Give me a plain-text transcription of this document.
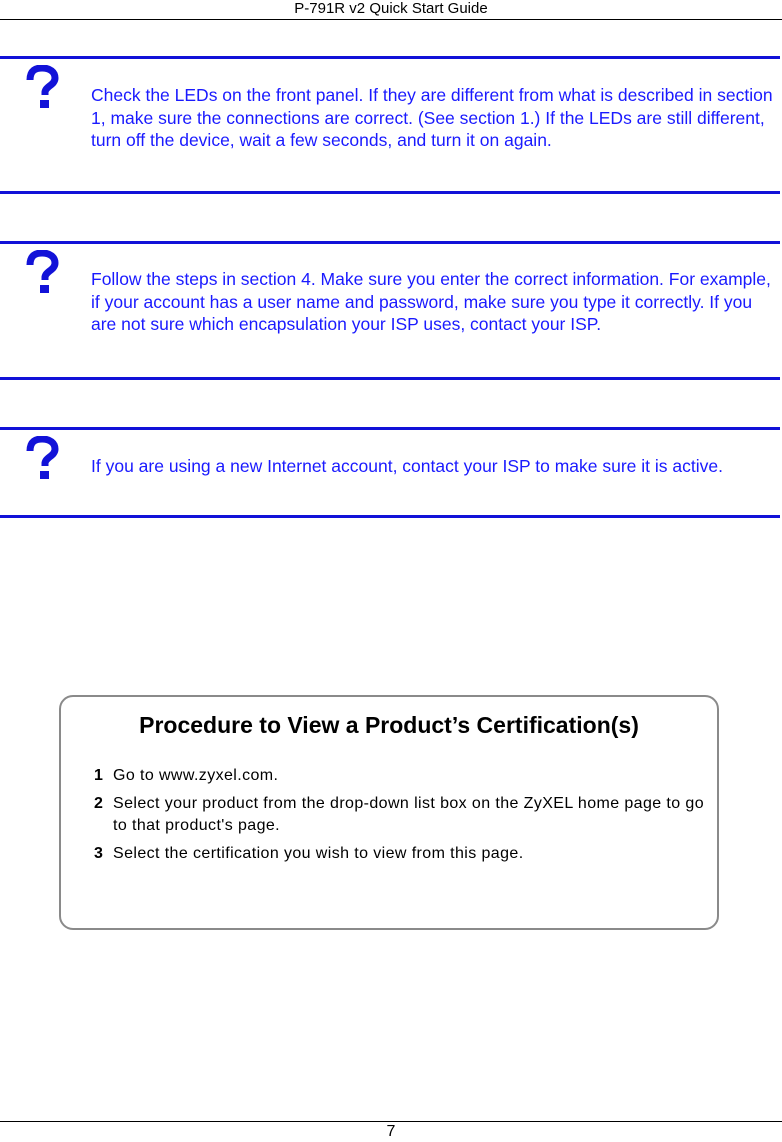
P-791R v2 Quick Start Guide
Check the LEDs on the front panel. If they are different from what is described in section 1, make sure the connections are correct. (See section 1.) If the LEDs are still different, turn off the device, wait a few seconds, and turn it on again.
Follow the steps in section 4. Make sure you enter the correct information. For example, if your account has a user name and password, make sure you type it correctly. If you are not sure which encapsulation your ISP uses, contact your ISP.
If you are using a new Internet account, contact your ISP to make sure it is active.
Procedure to View a Product’s Certification(s)
1 Go to www.zyxel.com.
2 Select your product from the drop-down list box on the ZyXEL home page to go to that product's page.
3 Select the certification you wish to view from this page.
7
